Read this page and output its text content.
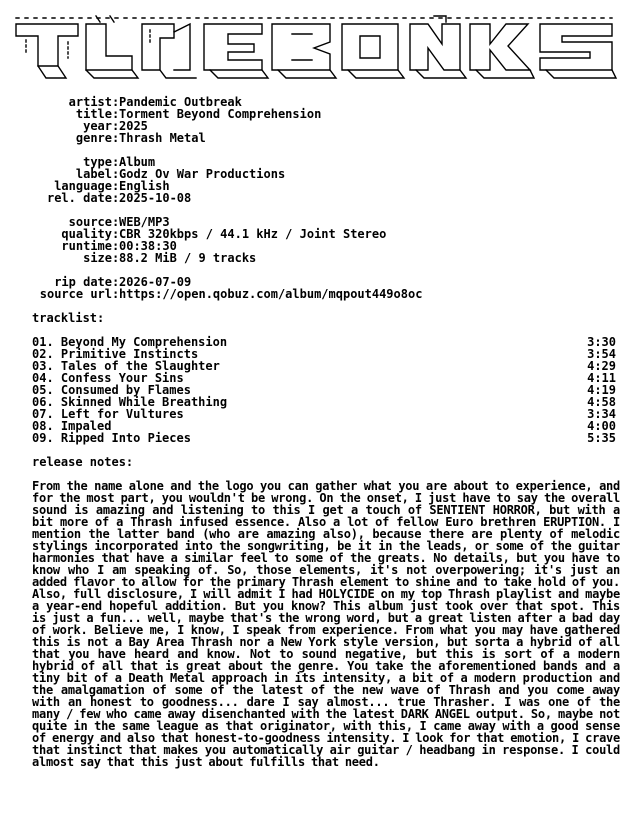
artist : Pandemic Outbreak
title : Torment Beyond Comprehension
year : 2025
genre : Thrash Metal
type : Album
label : Godz Ov War Productions
language : English
rel. date : 2025-10-08
source : WEB/MP3
quality : CBR 320kbps / 44.1 kHz / Joint Stereo
runtime : 00:38:30
size : 88.2 MiB / 9 tracks
rip date : 2026-07-09
source url : https://open.qobuz.com/album/mqpout449o8oc
tracklist:
01. Beyond My Comprehension	3:30
02. Primitive Instincts	3:54
03. Tales of the Slaughter	4:29
04. Confess Your Sins	4:11
05. Consumed by Flames	4:19
06. Skinned While Breathing	4:58
07. Left for Vultures	3:34
08. Impaled	4:00
09. Ripped Into Pieces	5:35
release notes:
From the name alone and the logo you can gather what you are about to experience, and for the most part, you wouldn't be wrong. On the onset, I just have to say the overall sound is amazing and listening to this I get a touch of SENTIENT HORROR, but with a bit more of a Thrash infused essence. Also a lot of fellow Euro brethren ERUPTION. I mention the latter band (who are amazing also), because there are plenty of melodic stylings incorporated into the songwriting, be it in the leads, or some of the guitar harmonies that have a similar feel to some of the greats. No details, but you have to know who I am speaking of. So, those elements, it's not overpowering; it's just an added flavor to allow for the primary Thrash element to shine and to take hold of you. Also, full disclosure, I will admit I had HOLYCIDE on my top Thrash playlist and maybe a year-end hopeful addition. But you know? This album just took over that spot. This is just a fun... well, maybe that's the wrong word, but a great listen after a bad day of work. Believe me, I know, I speak from experience. From what you may have gathered this is not a Bay Area Thrash nor a New York style version, but sorta a hybrid of all that you have heard and know. Not to sound negative, but this is sort of a modern hybrid of all that is great about the genre. You take the aforementioned bands and a tiny bit of a Death Metal approach in its intensity, a bit of a modern production and the amalgamation of some of the latest of the new wave of Thrash and you come away with an honest to goodness... dare I say almost... true Thrasher. I was one of the many / few who came away disenchanted with the latest DARK ANGEL output. So, maybe not quite in the same league as that originator, with this, I came away with a good sense of energy and also that honest-to-goodness intensity. I look for that emotion, I crave that instinct that makes you automatically air guitar / headbang in response. I could almost say that this just about fulfills that need.
